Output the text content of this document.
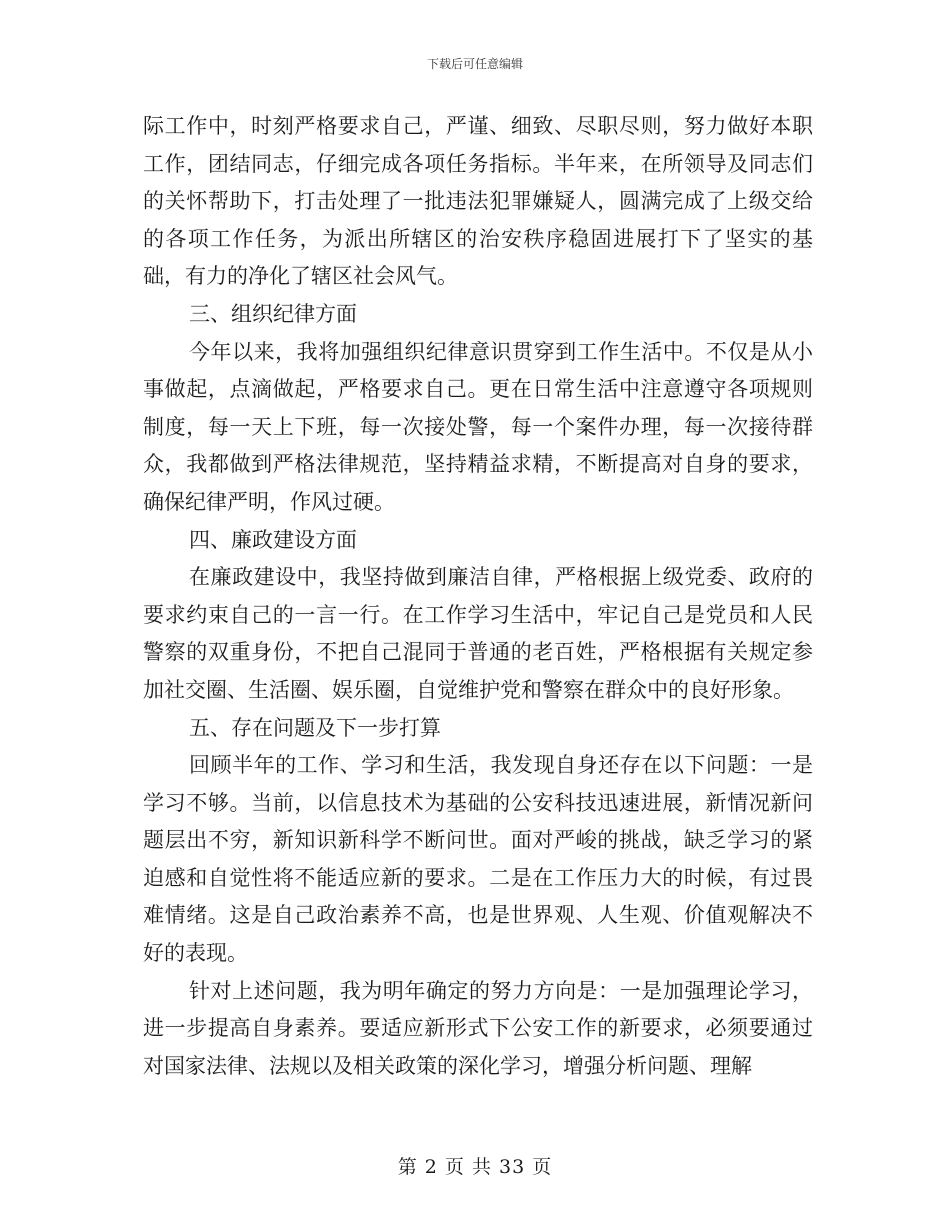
下载后可任意编辑

际工作中，时刻严格要求自己，严谨、细致、尽职尽则，努力做好本职工作，团结同志，仔细完成各项任务指标。半年来，在所领导及同志们的关怀帮助下，打击处理了一批违法犯罪嫌疑人，圆满完成了上级交给的各项工作任务，为派出所辖区的治安秩序稳固进展打下了坚实的基础，有力的净化了辖区社会风气。

三、组织纪律方面

今年以来，我将加强组织纪律意识贯穿到工作生活中。不仅是从小事做起，点滴做起，严格要求自己。更在日常生活中注意遵守各项规则制度，每一天上下班，每一次接处警，每一个案件办理，每一次接待群众，我都做到严格法律规范，坚持精益求精，不断提高对自身的要求，确保纪律严明，作风过硬。

四、廉政建设方面

在廉政建设中，我坚持做到廉洁自律，严格根据上级党委、政府的要求约束自己的一言一行。在工作学习生活中，牢记自己是党员和人民警察的双重身份，不把自己混同于普通的老百姓，严格根据有关规定参加社交圈、生活圈、娱乐圈，自觉维护党和警察在群众中的良好形象。

五、存在问题及下一步打算

回顾半年的工作、学习和生活，我发现自身还存在以下问题：一是学习不够。当前，以信息技术为基础的公安科技迅速进展，新情况新问题层出不穷，新知识新科学不断问世。面对严峻的挑战，缺乏学习的紧迫感和自觉性将不能适应新的要求。二是在工作压力大的时候，有过畏难情绪。这是自己政治素养不高，也是世界观、人生观、价值观解决不好的表现。

针对上述问题，我为明年确定的努力方向是：一是加强理论学习，进一步提高自身素养。要适应新形式下公安工作的新要求，必须要通过对国家法律、法规以及相关政策的深化学习，增强分析问题、理解

第 2 页 共 33 页
